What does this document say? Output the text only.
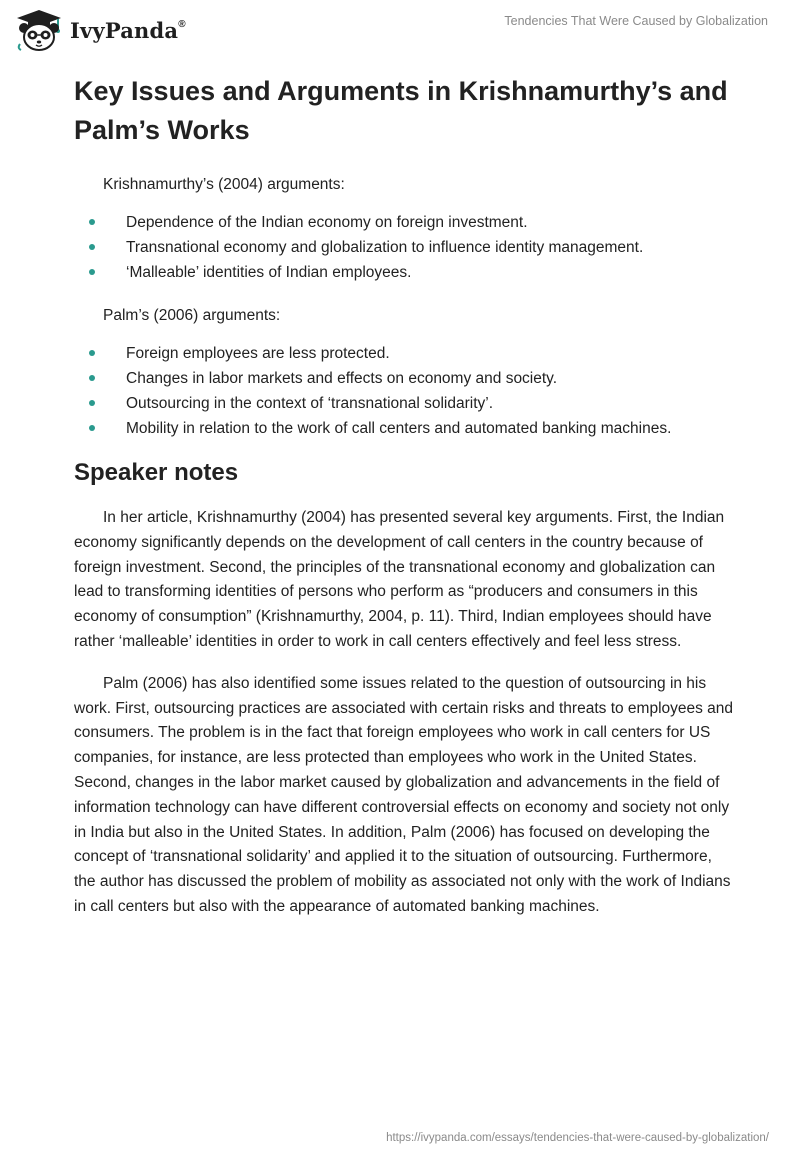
IvyPanda®	Tendencies That Were Caused by Globalization
Key Issues and Arguments in Krishnamurthy’s and Palm’s Works
Krishnamurthy’s (2004) arguments:
Dependence of the Indian economy on foreign investment.
Transnational economy and globalization to influence identity management.
‘Malleable’ identities of Indian employees.
Palm’s (2006) arguments:
Foreign employees are less protected.
Changes in labor markets and effects on economy and society.
Outsourcing in the context of ‘transnational solidarity’.
Mobility in relation to the work of call centers and automated banking machines.
Speaker notes

In her article, Krishnamurthy (2004) has presented several key arguments. First, the Indian economy significantly depends on the development of call centers in the country because of foreign investment. Second, the principles of the transnational economy and globalization can lead to transforming identities of persons who perform as “producers and consumers in this economy of consumption” (Krishnamurthy, 2004, p. 11). Third, Indian employees should have rather ‘malleable’ identities in order to work in call centers effectively and feel less stress.

Palm (2006) has also identified some issues related to the question of outsourcing in his work. First, outsourcing practices are associated with certain risks and threats to employees and consumers. The problem is in the fact that foreign employees who work in call centers for US companies, for instance, are less protected than employees who work in the United States. Second, changes in the labor market caused by globalization and advancements in the field of information technology can have different controversial effects on economy and society not only in India but also in the United States. In addition, Palm (2006) has focused on developing the concept of ‘transnational solidarity’ and applied it to the situation of outsourcing. Furthermore, the author has discussed the problem of mobility as associated not only with the work of Indians in call centers but also with the appearance of automated banking machines.

https://ivypanda.com/essays/tendencies-that-were-caused-by-globalization/
